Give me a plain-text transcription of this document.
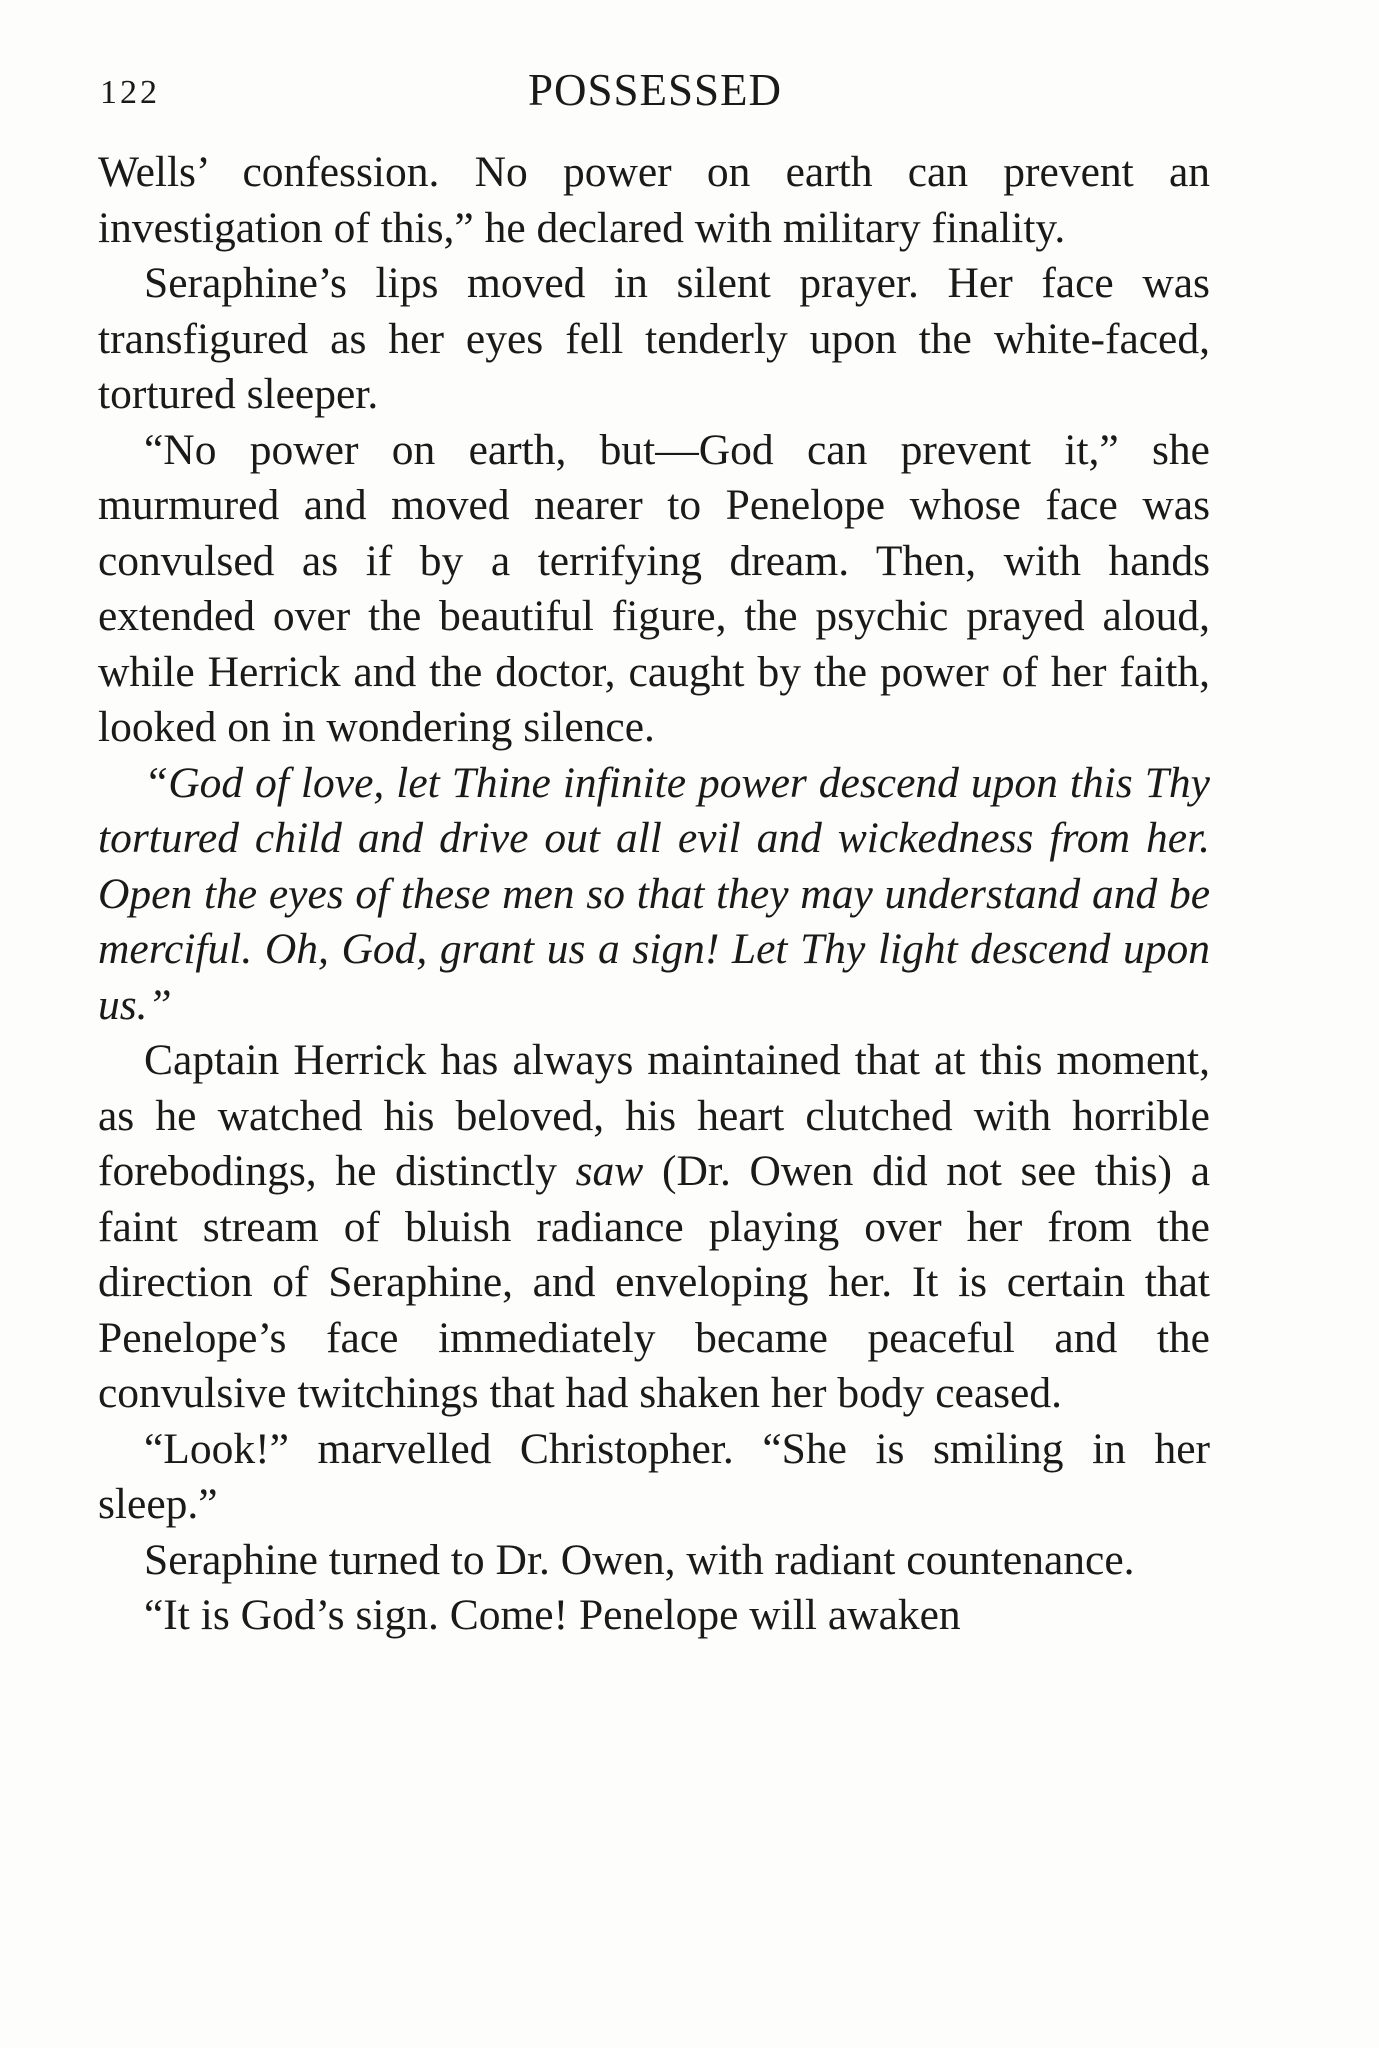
122	POSSESSED

Wells’ confession. No power on earth can prevent an investigation of this,” he declared with military finality.

Seraphine’s lips moved in silent prayer. Her face was transfigured as her eyes fell tenderly upon the white-faced, tortured sleeper.

“No power on earth, but—God can prevent it,” she murmured and moved nearer to Penelope whose face was convulsed as if by a terrifying dream. Then, with hands extended over the beautiful figure, the psychic prayed aloud, while Herrick and the doctor, caught by the power of her faith, looked on in wondering silence.

“God of love, let Thine infinite power descend upon this Thy tortured child and drive out all evil and wickedness from her. Open the eyes of these men so that they may understand and be merciful. Oh, God, grant us a sign! Let Thy light descend upon us.”

Captain Herrick has always maintained that at this moment, as he watched his beloved, his heart clutched with horrible forebodings, he distinctly saw (Dr. Owen did not see this) a faint stream of bluish radiance playing over her from the direction of Seraphine, and enveloping her. It is certain that Penelope’s face immediately became peaceful and the convulsive twitchings that had shaken her body ceased.

“Look!” marvelled Christopher. “She is smiling in her sleep.”

Seraphine turned to Dr. Owen, with radiant countenance.

“It is God’s sign. Come! Penelope will awaken
